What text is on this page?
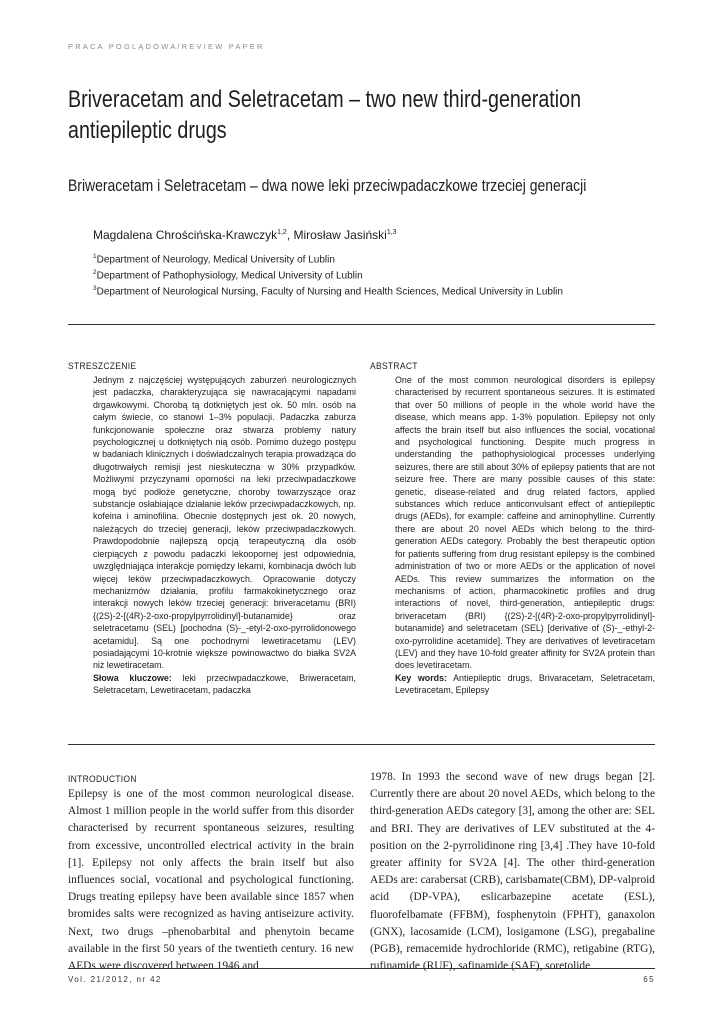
PRACA POGLĄDOWA/REVIEW PAPER
Briveracetam and Seletracetam – two new third-generation antiepileptic drugs
Briweracetam i Seletracetam – dwa nowe leki przeciwpadaczkowe trzeciej generacji
Magdalena Chrościńska-Krawczyk$^{1,2}$, Mirosław Jasiński$^{1,3}$
$^1$Department of Neurology, Medical University of Lublin
$^2$Department of Pathophysiology, Medical University of Lublin
$^3$Department of Neurological Nursing, Faculty of Nursing and Health Sciences, Medical University in Lublin
STRESZCZENIE

Jednym z najczęściej występujących zaburzeń neurologicznych jest padaczka, charakteryzująca się nawracającymi napadami drgawkowymi. Chorobą tą dotkniętych jest ok. 50 mln. osób na całym świecie, co stanowi 1–3% populacji. Padaczka zaburza funkcjonowanie społeczne oraz stwarza problemy natury psychologicznej u dotkniętych nią osób. Pomimo dużego postępu w badaniach klinicznych i doświadczalnych terapia prowadząca do długotrwałych remisji jest nieskuteczna w 30% przypadków. Możliwymi przyczynami oporności na leki przeciwpadaczkowe mogą być podłoże genetyczne, choroby towarzyszące oraz substancje osłabiające działanie leków przeciwpadaczkowych, np. kofeina i aminofilina. Obecnie dostępnych jest ok. 20 nowych, należących do trzeciej generacji, leków przeciwpadaczkowych. Prawdopodobnie najlepszą opcją terapeutyczną dla osób cierpiących z powodu padaczki lekoopornej jest odpowiednia, uwzględniająca interakcje pomiędzy lekami, kombinacja dwóch lub więcej leków przeciwpadaczkowych. Opracowanie dotyczy mechanizmów działania, profilu farmakokinetycznego oraz interakcji nowych leków trzeciej generacji: briveracetamu (BRI) {(2S)-2-[(4R)-2-oxo-propylpyrrolidinyl]-butanamide} oraz seletracetamu (SEL) [pochodna (S)-_-etyl-2-oxo-pyrrolidonowego acetamidu]. Są one pochodnymi lewetiracetamu (LEV) posiadającymi 10-krotnie większe powinowactwo do białka SV2A niż lewetiracetam.

Słowa kluczowe: leki przeciwpadaczkowe, Briweracetam, Seletracetam, Lewetiracetam, padaczka

ABSTRACT

One of the most common neurological disorders is epilepsy characterised by recurrent spontaneous seizures. It is estimated that over 50 millions of people in the whole world have the disease, which means app. 1-3% population. Epilepsy not only affects the brain itself but also influences the social, vocational and psychological functioning. Despite much progress in understanding the pathophysiological processes underlying seizures, there are still about 30% of epilepsy patients that are not seizure free. There are many possible causes of this state: genetic, disease-related and drug related factors, applied substances which reduce anticonvulsant effect of antiepileptic drugs (AEDs), for example: caffeine and aminophylline. Currently there are about 20 novel AEDs which belong to the third-generation AEDs category. Probably the best therapeutic option for patients suffering from drug resistant epilepsy is the combined administration of two or more AEDs or the application of novel AEDs. This review summarizes the information on the mechanisms of action, pharmacokinetic profiles and drug interactions of novel, third-generation, antiepileptic drugs: briveracetam (BRI) {(2S)-2-[(4R)-2-oxo-propylpyrrolidinyl]-butanamide} and seletracetam (SEL) [derivative of (S)-_-ethyl-2-oxo-pyrrolidine acetamide]. They are derivatives of levetiracetam (LEV) and they have 10-fold greater affinity for SV2A protein than does levetiracetam.

Key words: Antiepileptic drugs, Brivaracetam, Seletracetam, Levetiracetam, Epilepsy

INTRODUCTION

Epilepsy is one of the most common neurological disease. Almost 1 million people in the world suffer from this disorder characterised by recurrent spontaneous seizures, resulting from excessive, uncontrolled electrical activity in the brain [1]. Epilepsy not only affects the brain itself but also influences social, vocational and psychological functioning. Drugs treating epilepsy have been available since 1857 when bromides salts were recognized as having antiseizure activity. Next, two drugs –phenobarbital and phenytoin became available in the first 50 years of the twentieth century. 16 new AEDs were discovered between 1946 and

1978. In 1993 the second wave of new drugs began [2]. Currently there are about 20 novel AEDs, which belong to the third-generation AEDs category [3], among the other are: SEL and BRI. They are derivatives of LEV substituted at the 4-position on the 2-pyrrolidinone ring [3,4] .They have 10-fold greater affinity for SV2A [4]. The other third-generation AEDs are: carabersat (CRB), carisbamate(CBM), DP-valproid acid (DP-VPA), eslicarbazepine acetate (ESL), fluorofelbamate (FFBM), fosphenytoin (FPHT), ganaxolon (GNX), lacosamide (LCM), losigamone (LSG), pregabaline (PGB), remacemide hydrochloride (RMC), retigabine (RTG), rufinamide (RUF), safinamide (SAF), soretolide

Vol. 21/2012, nr 42	65
